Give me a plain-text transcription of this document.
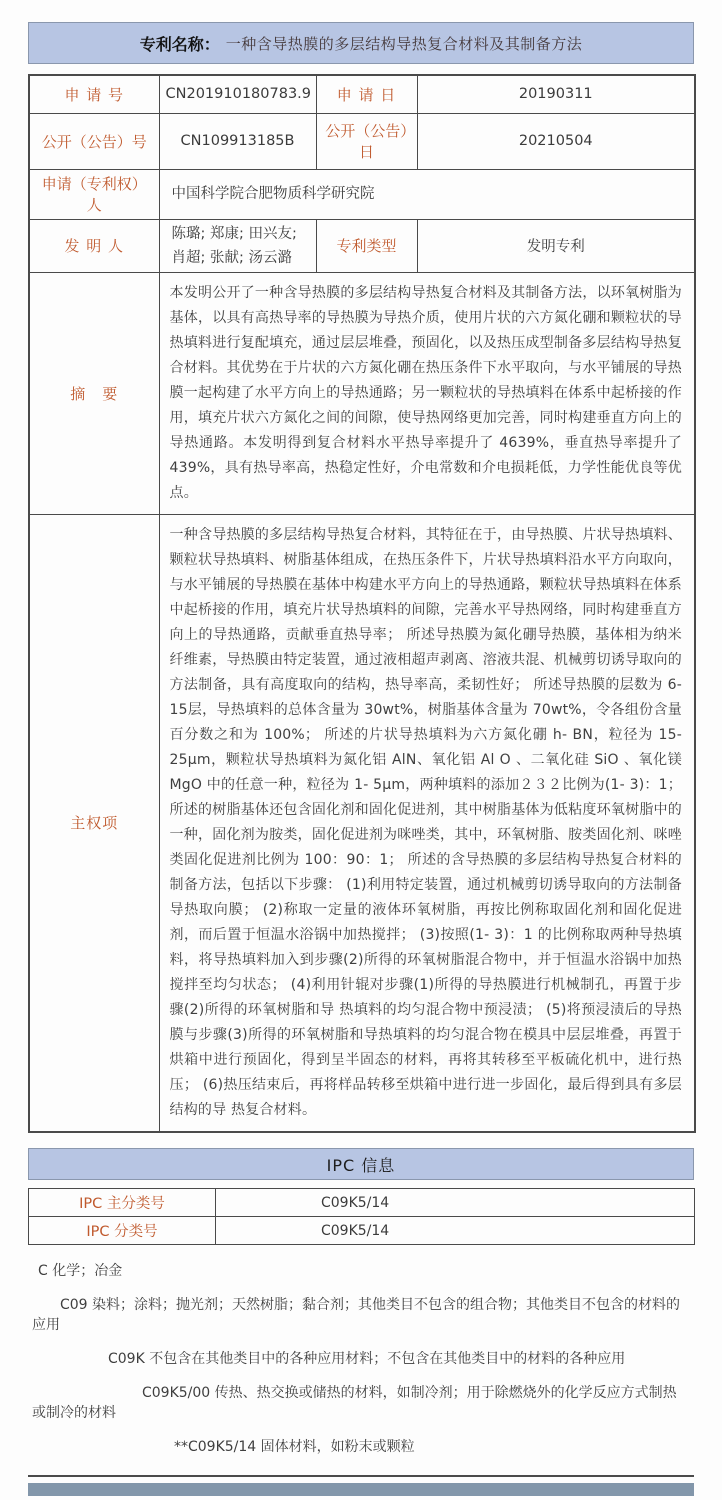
专利名称： 一种含导热膜的多层结构导热复合材料及其制备方法
申 请 号	CN201910180783.9	申 请 日	20190311
公开（公告）号	CN109913185B	公开（公告）日	20210504
申请（专利权）人	中国科学院合肥物质科学研究院		
发 明 人	陈璐; 郑康; 田兴友; 肖超; 张献; 汤云潞	专利类型	发明专利
摘　要	本发明公开了一种含导热膜的多层结构导热复合材料及其制备方法，以环氧树脂为基体，以具有高热导率的导热膜为导热介质，使用片状的六方氮化硼和颗粒状的导热填料进行复配填充，通过层层堆叠，预固化，以及热压成型制备多层结构导热复合材料。其优势在于片状的六方氮化硼在热压条件下水平取向，与水平铺展的导热膜一起构建了水平方向上的导热通路；另一颗粒状的导热填料在体系中起桥接的作用，填充片状六方氮化之间的间隙，使导热网络更加完善，同时构建垂直方向上的导热通路。本发明得到复合材料水平热导率提升了 4639%，垂直热导率提升了 439%，具有热导率高，热稳定性好，介电常数和介电损耗低，力学性能优良等优点。		
主权项	一种含导热膜的多层结构导热复合材料，其特征在于，由导热膜、片状导热填料、颗粒状导热填料、树脂基体组成，在热压条件下，片状导热填料沿水平方向取向，与水平铺展的导热膜在基体中构建水平方向上的导热通路，颗粒状导热填料在体系中起桥接的作用，填充片状导热填料的间隙，完善水平导热网络，同时构建垂直方向上的导热通路，贡献垂直热导率； 所述导热膜为氮化硼导热膜，基体相为纳米纤维素，导热膜由特定装置，通过液相超声剥离、溶液共混、机械剪切诱导取向的方法制备，具有高度取向的结构，热导率高，柔韧性好； 所述导热膜的层数为 6- 15层，导热填料的总体含量为 30wt%，树脂基体含量为 70wt%，令各组份含量百分数之和为 100%； 所述的片状导热填料为六方氮化硼 h- BN，粒径为 15- 25μm，颗粒状导热填料为氮化铝 AlN、氧化铝 Al O 、二氧化硅 SiO 、氧化镁 MgO 中的任意一种，粒径为 1- 5μm，两种填料的添加２３２比例为(1- 3)：1； 所述的树脂基体还包含固化剂和固化促进剂，其中树脂基体为低粘度环氧树脂中的一种，固化剂为胺类，固化促进剂为咪唑类，其中，环氧树脂、胺类固化剂、咪唑类固化促进剂比例为 100：90：1； 所述的含导热膜的多层结构导热复合材料的制备方法，包括以下步骤： (1)利用特定装置，通过机械剪切诱导取向的方法制备导热取向膜； (2)称取一定量的液体环氧树脂，再按比例称取固化剂和固化促进剂，而后置于恒温水浴锅中加热搅拌； (3)按照(1- 3)：1 的比例称取两种导热填料，将导热填料加入到步骤(2)所得的环氧树脂混合物中，并于恒温水浴锅中加热搅拌至均匀状态； (4)利用针辊对步骤(1)所得的导热膜进行机械制孔，再置于步骤(2)所得的环氧树脂和导 热填料的均匀混合物中预浸渍； (5)将预浸渍后的导热膜与步骤(3)所得的环氧树脂和导热填料的均匀混合物在模具中层层堆叠，再置于烘箱中进行预固化，得到呈半固态的材料，再将其转移至平板硫化机中，进行热压； (6)热压结束后，再将样品转移至烘箱中进行进一步固化，最后得到具有多层结构的导 热复合材料。		
IPC 信息
IPC 主分类号	C09K5/14
IPC 分类号	C09K5/14
C 化学；冶金
C09 染料；涂料；抛光剂；天然树脂；黏合剂；其他类目不包含的组合物；其他类目不包含的材料的应用
C09K 不包含在其他类目中的各种应用材料；不包含在其他类目中的材料的各种应用
C09K5/00 传热、热交换或储热的材料，如制冷剂；用于除燃烧外的化学反应方式制热或制冷的材料
**C09K5/14 固体材料，如粉末或颗粒
